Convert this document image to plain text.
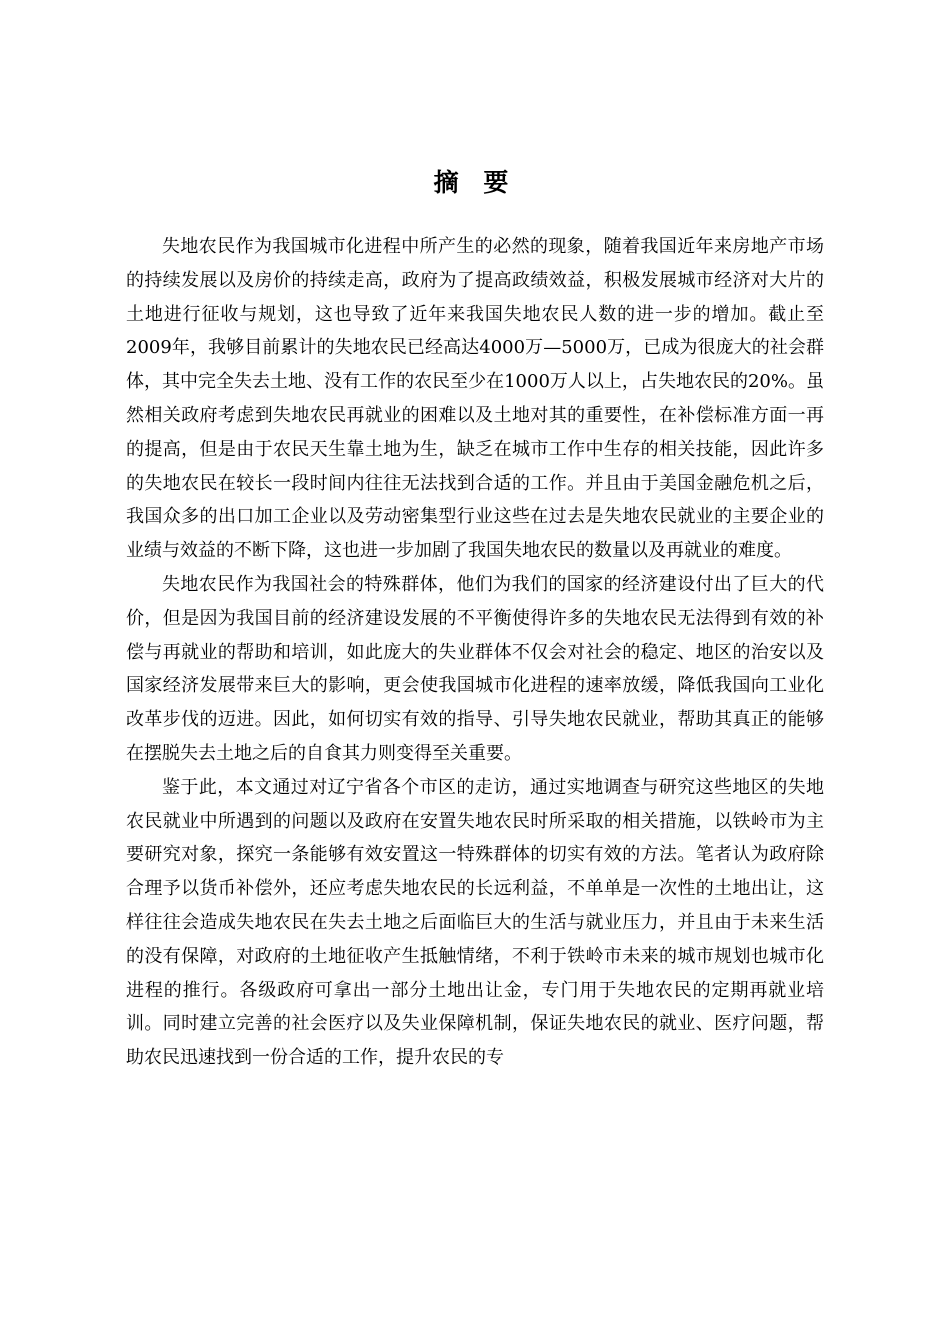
摘 要

失地农民作为我国城市化进程中所产生的必然的现象，随着我国近年来房地产市场的持续发展以及房价的持续走高，政府为了提高政绩效益，积极发展城市经济对大片的土地进行征收与规划，这也导致了近年来我国失地农民人数的进一步的增加。截止至2009年，我够目前累计的失地农民已经高达4000万—5000万，已成为很庞大的社会群体，其中完全失去土地、没有工作的农民至少在1000万人以上，占失地农民的20%。虽然相关政府考虑到失地农民再就业的困难以及土地对其的重要性，在补偿标准方面一再的提高，但是由于农民天生靠土地为生，缺乏在城市工作中生存的相关技能，因此许多的失地农民在较长一段时间内往往无法找到合适的工作。并且由于美国金融危机之后，我国众多的出口加工企业以及劳动密集型行业这些在过去是失地农民就业的主要企业的业绩与效益的不断下降，这也进一步加剧了我国失地农民的数量以及再就业的难度。

失地农民作为我国社会的特殊群体，他们为我们的国家的经济建设付出了巨大的代价，但是因为我国目前的经济建设发展的不平衡使得许多的失地农民无法得到有效的补偿与再就业的帮助和培训，如此庞大的失业群体不仅会对社会的稳定、地区的治安以及国家经济发展带来巨大的影响，更会使我国城市化进程的速率放缓，降低我国向工业化改革步伐的迈进。因此，如何切实有效的指导、引导失地农民就业，帮助其真正的能够在摆脱失去土地之后的自食其力则变得至关重要。

鉴于此，本文通过对辽宁省各个市区的走访，通过实地调查与研究这些地区的失地农民就业中所遇到的问题以及政府在安置失地农民时所采取的相关措施，以铁岭市为主要研究对象，探究一条能够有效安置这一特殊群体的切实有效的方法。笔者认为政府除合理予以货币补偿外，还应考虑失地农民的长远利益，不单单是一次性的土地出让，这样往往会造成失地农民在失去土地之后面临巨大的生活与就业压力，并且由于未来生活的没有保障，对政府的土地征收产生抵触情绪，不利于铁岭市未来的城市规划也城市化进程的推行。各级政府可拿出一部分土地出让金，专门用于失地农民的定期再就业培训。同时建立完善的社会医疗以及失业保障机制，保证失地农民的就业、医疗问题，帮助农民迅速找到一份合适的工作，提升农民的专
